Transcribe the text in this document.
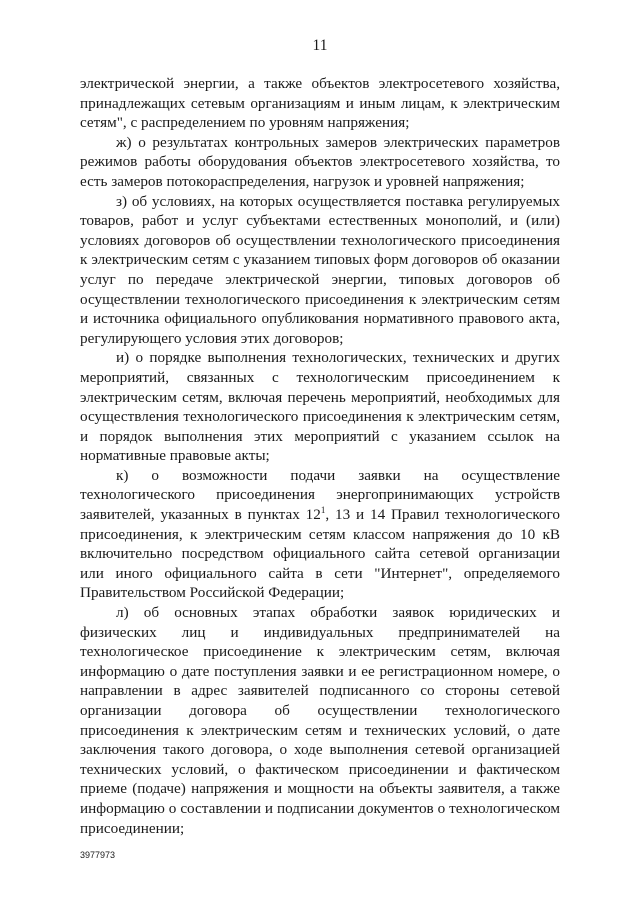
11

электрической энергии, а также объектов электросетевого хозяйства, принадлежащих сетевым организациям и иным лицам, к электрическим сетям", с распределением по уровням напряжения;

ж) о результатах контрольных замеров электрических параметров режимов работы оборудования объектов электросетевого хозяйства, то есть замеров потокораспределения, нагрузок и уровней напряжения;

з) об условиях, на которых осуществляется поставка регулируемых товаров, работ и услуг субъектами естественных монополий, и (или) условиях договоров об осуществлении технологического присоединения к электрическим сетям с указанием типовых форм договоров об оказании услуг по передаче электрической энергии, типовых договоров об осуществлении технологического присоединения к электрическим сетям и источника официального опубликования нормативного правового акта, регулирующего условия этих договоров;

и) о порядке выполнения технологических, технических и других мероприятий, связанных с технологическим присоединением к электрическим сетям, включая перечень мероприятий, необходимых для осуществления технологического присоединения к электрическим сетям, и порядок выполнения этих мероприятий с указанием ссылок на нормативные правовые акты;

к) о возможности подачи заявки на осуществление технологического присоединения энергопринимающих устройств заявителей, указанных в пунктах $12^1$, 13 и 14 Правил технологического присоединения, к электрическим сетям классом напряжения до 10 кВ включительно посредством официального сайта сетевой организации или иного официального сайта в сети "Интернет", определяемого Правительством Российской Федерации;

л) об основных этапах обработки заявок юридических и физических лиц и индивидуальных предпринимателей на технологическое присоединение к электрическим сетям, включая информацию о дате поступления заявки и ее регистрационном номере, о направлении в адрес заявителей подписанного со стороны сетевой организации договора об осуществлении технологического присоединения к электрическим сетям и технических условий, о дате заключения такого договора, о ходе выполнения сетевой организацией технических условий, о фактическом присоединении и фактическом приеме (подаче) напряжения и мощности на объекты заявителя, а также информацию о составлении и подписании документов о технологическом присоединении;

3977973
